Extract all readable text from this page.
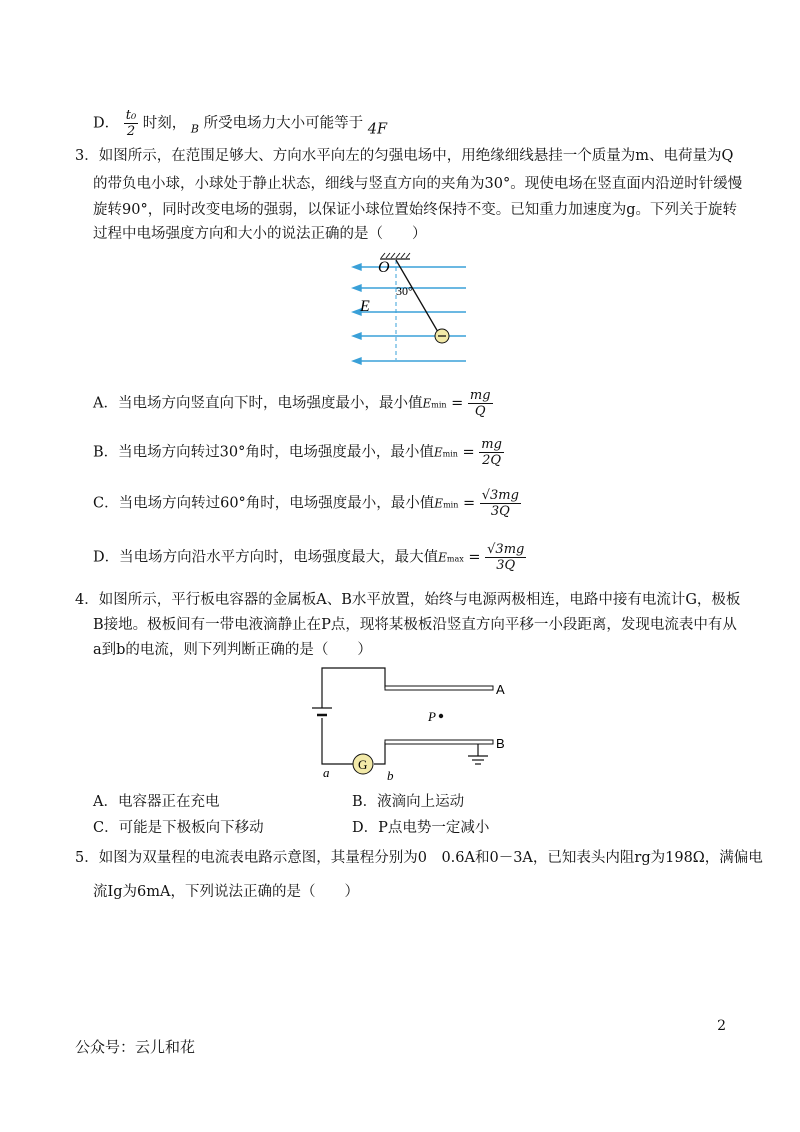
D． $\frac{\text{t₀}}{2}$ 时刻， $_B$ 所受电场力大小可能等于 4F
3．如图所示，在范围足够大、方向水平向左的匀强电场中，用绝缘细线悬挂一个质量为m、电荷量为Q
的带负电小球，小球处于静止状态，细线与竖直方向的夹角为30°。现使电场在竖直面内沿逆时针缓慢
旋转90°，同时改变电场的强弱，以保证小球位置始终保持不变。已知重力加速度为g。下列关于旋转
过程中电场强度方向和大小的说法正确的是（　　）
O
30°
E
A．当电场方向竖直向下时，电场强度最小，最小值$Emin = \frac{mg}{Q}$
B．当电场方向转过30°角时，电场强度最小，最小值$Emin = \frac{mg}{2Q}$
C．当电场方向转过60°角时，电场强度最小，最小值$Emin = \frac{√3mg}{3Q}$
D．当电场方向沿水平方向时，电场强度最大，最大值$Emax = \frac{√3mg}{3Q}$
4．如图所示，平行板电容器的金属板A、B水平放置，始终与电源两极相连，电路中接有电流计G，极板
B接地。极板间有一带电液滴静止在P点，现将某极板沿竖直方向平移一小段距离，发现电流表中有从
a到b的电流，则下列判断正确的是（　　）
G
P
A
B
a	b
A．电容器正在充电	B．液滴向上运动
C．可能是下极板向下移动	D．P点电势一定减小
5．如图为双量程的电流表电路示意图，其量程分别为0　0.6A和0－3A，已知表头内阻rg为198Ω，满偏电
流Ig为6mA，下列说法正确的是（　　）
2
公众号：云儿和花
